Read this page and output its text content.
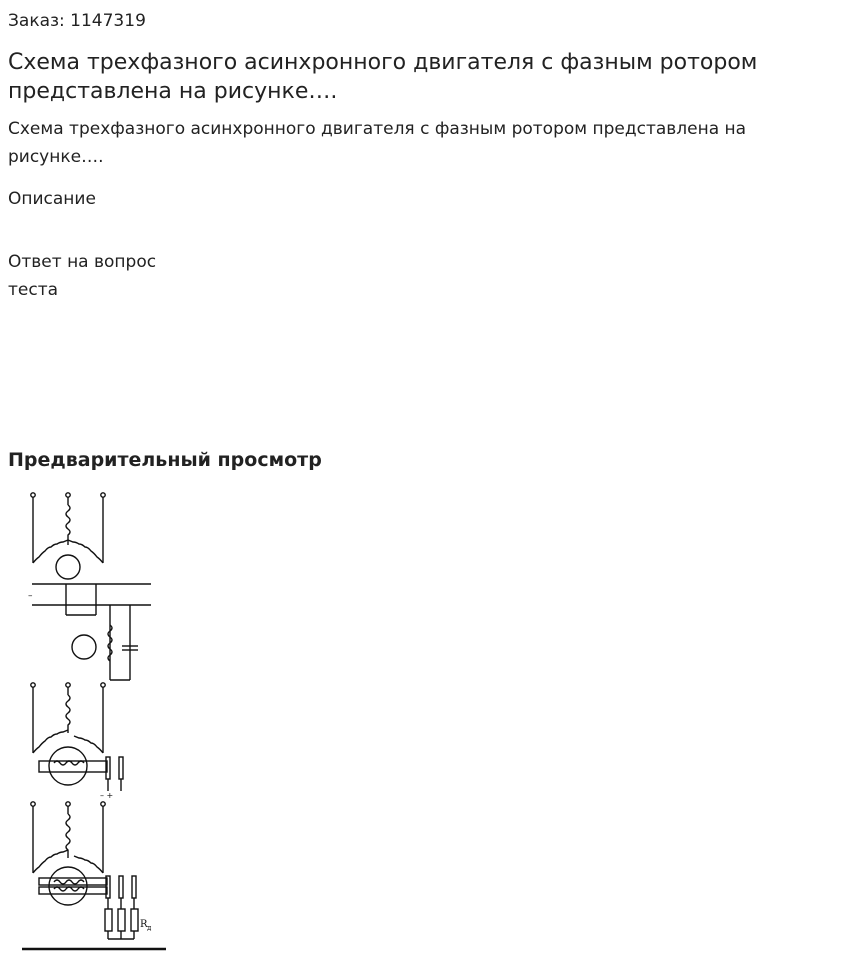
Заказ: 1147319

Схема трехфазного асинхронного двигателя с фазным ротором представлена на рисунке….

Схема трехфазного асинхронного двигателя с фазным ротором представлена на рисунке….

Описание

Ответ на вопрос теста

Предварительный просмотр
–
– +
R д
